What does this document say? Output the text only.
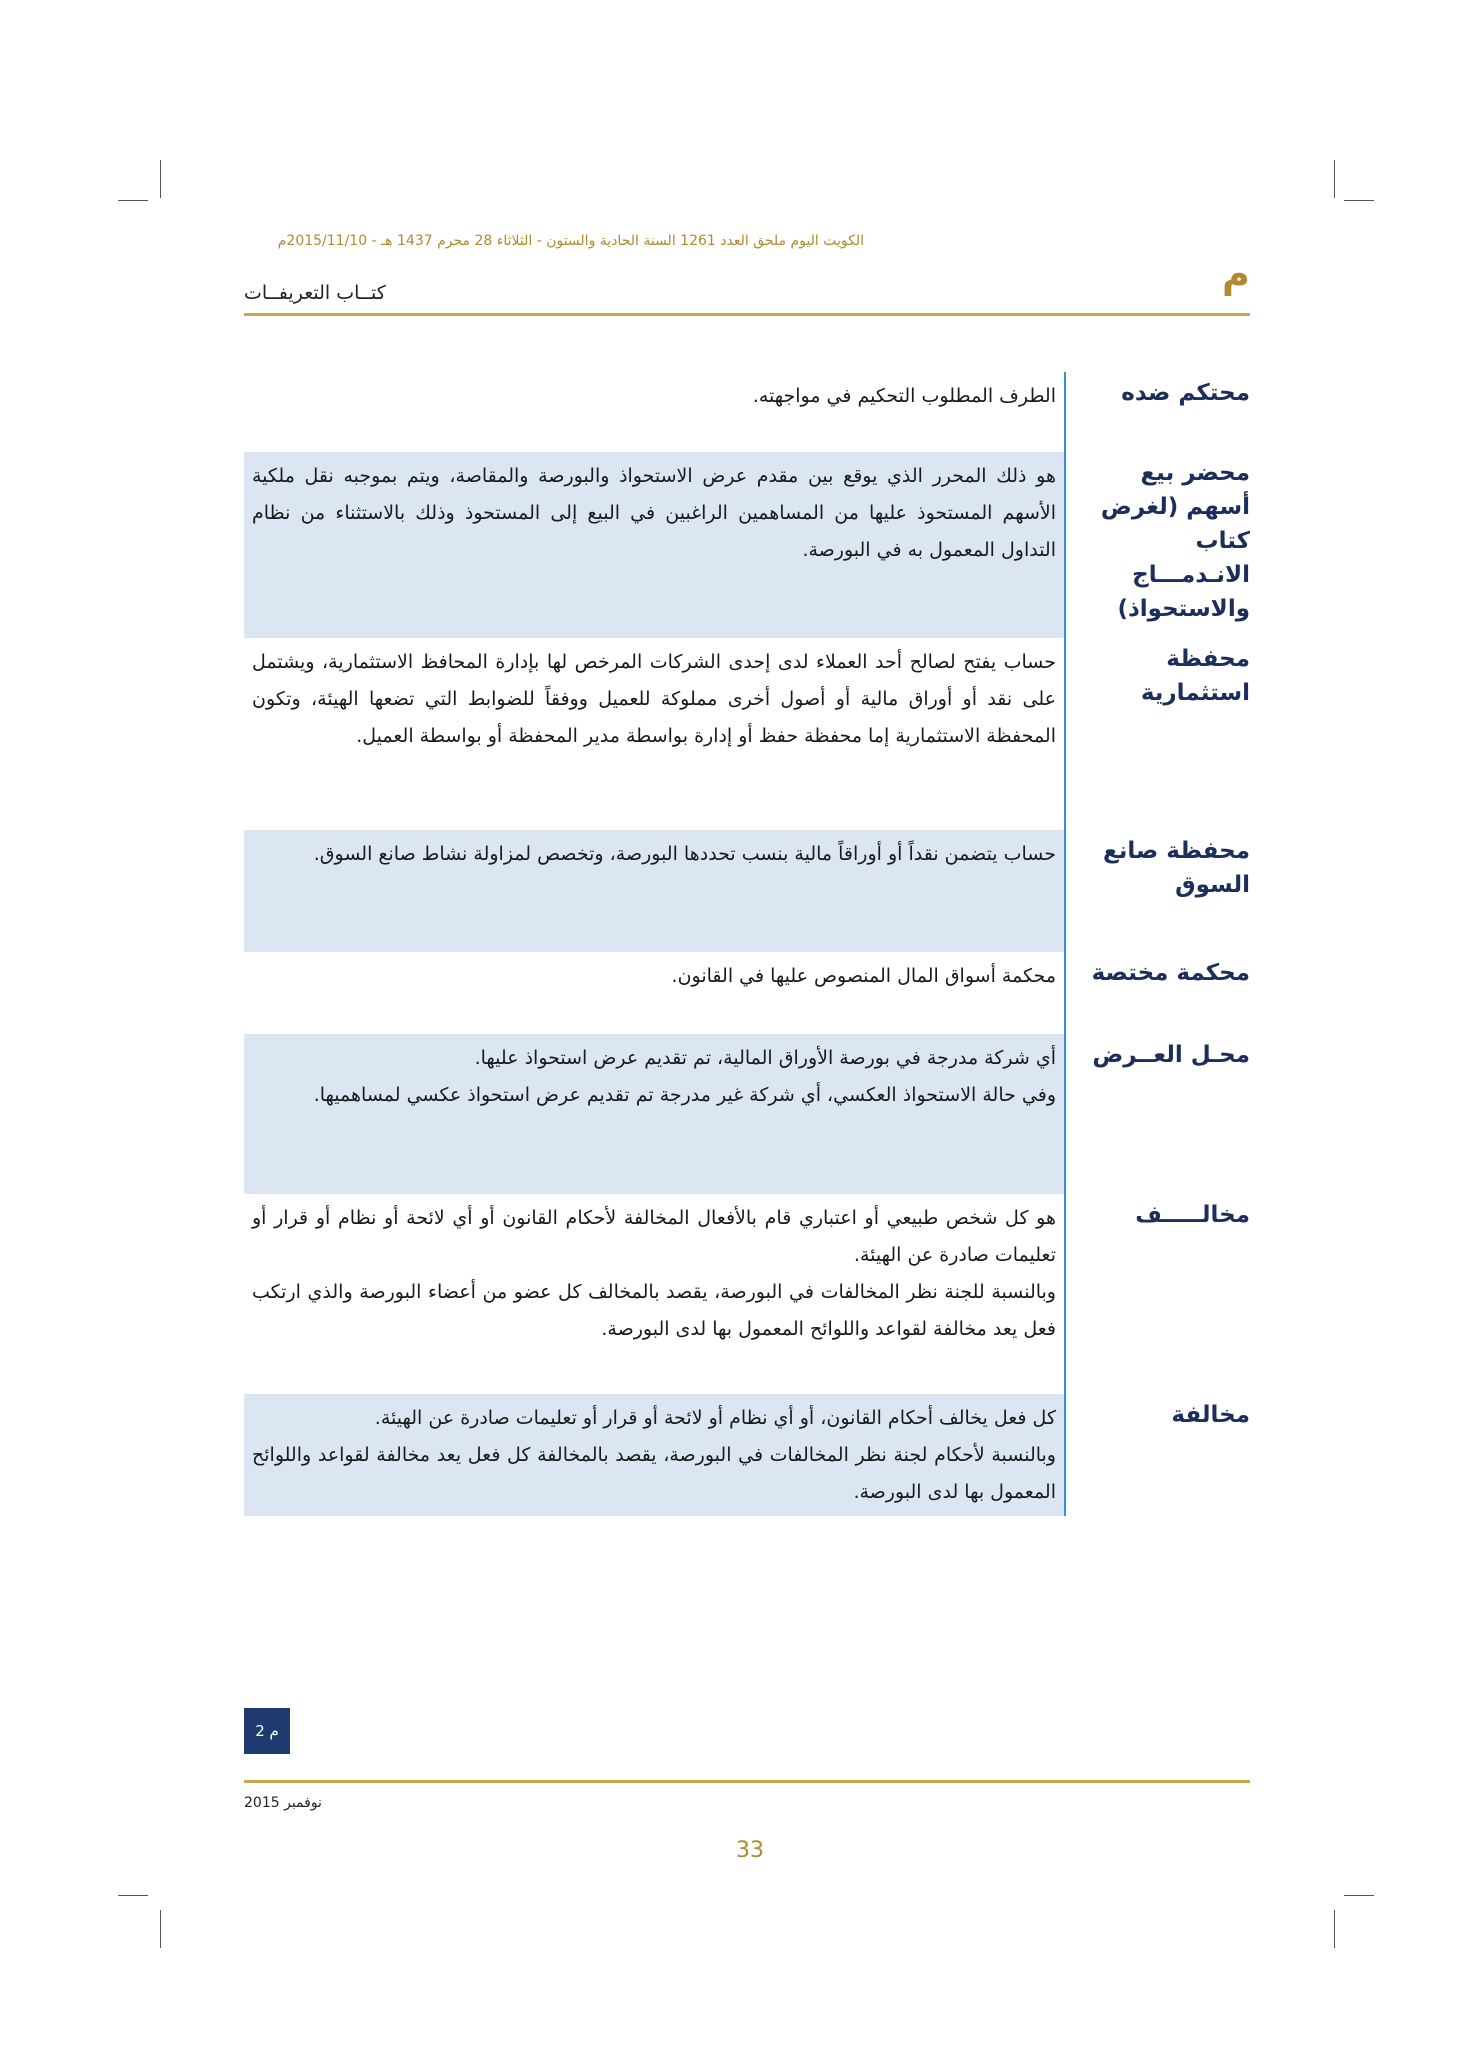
الكويت اليوم ملحق العدد 1261 السنة الحادية والستون - الثلاثاء 28 محرم 1437 هـ - 2015/11/10م
م
كتــاب التعريفــات
محتكم ضده

الطرف المطلوب التحكيم في مواجهته.

محضر بيع أسهم (لغرض كتاب الانـدمـــاج والاستحواذ)

هو ذلك المحرر الذي يوقع بين مقدم عرض الاستحواذ والبورصة والمقاصة، ويتم بموجبه نقل ملكية الأسهم المستحوذ عليها من المساهمين الراغبين في البيع إلى المستحوذ وذلك بالاستثناء من نظام التداول المعمول به في البورصة.

محفظة استثمارية

حساب يفتح لصالح أحد العملاء لدى إحدى الشركات المرخص لها بإدارة المحافظ الاستثمارية، ويشتمل على نقد أو أوراق مالية أو أصول أخرى مملوكة للعميل ووفقاً للضوابط التي تضعها الهيئة، وتكون المحفظة الاستثمارية إما محفظة حفظ أو إدارة بواسطة مدير المحفظة أو بواسطة العميل.

محفظة صانع السوق

حساب يتضمن نقداً أو أوراقاً مالية بنسب تحددها البورصة، وتخصص لمزاولة نشاط صانع السوق.

محكمة مختصة

محكمة أسواق المال المنصوص عليها في القانون.

محـل العــرض

أي شركة مدرجة في بورصة الأوراق المالية، تم تقديم عرض استحواذ عليها.

وفي حالة الاستحواذ العكسي، أي شركة غير مدرجة تم تقديم عرض استحواذ عكسي لمساهميها.

مخالـــــف

هو كل شخص طبيعي أو اعتباري قام بالأفعال المخالفة لأحكام القانون أو أي لائحة أو نظام أو قرار أو تعليمات صادرة عن الهيئة.

وبالنسبة للجنة نظر المخالفات في البورصة، يقصد بالمخالف كل عضو من أعضاء البورصة والذي ارتكب فعل يعد مخالفة لقواعد واللوائح المعمول بها لدى البورصة.

مخالفة

كل فعل يخالف أحكام القانون، أو أي نظام أو لائحة أو قرار أو تعليمات صادرة عن الهيئة.

وبالنسبة لأحكام لجنة نظر المخالفات في البورصة، يقصد بالمخالفة كل فعل يعد مخالفة لقواعد واللوائح المعمول بها لدى البورصة.

م 2
نوفمبر 2015
33
